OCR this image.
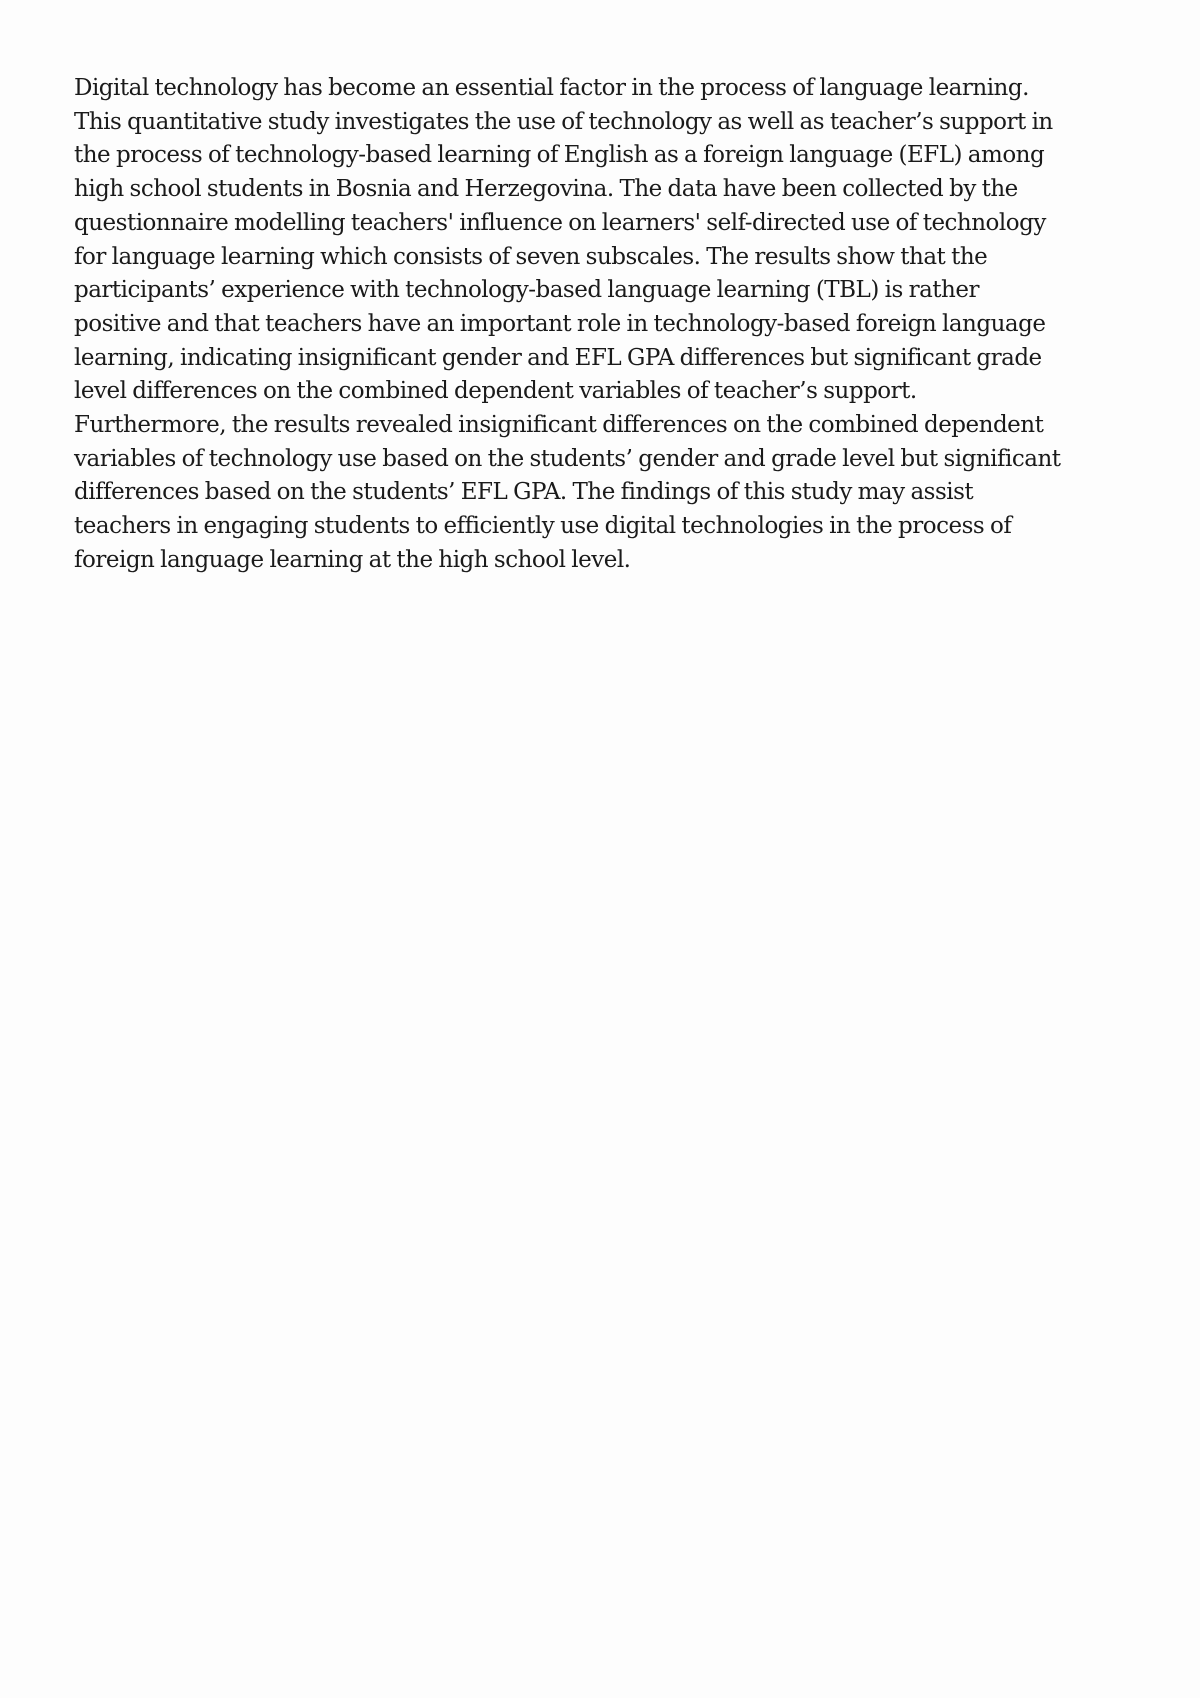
Digital technology has become an essential factor in the process of language learning.
This quantitative study investigates the use of technology as well as teacher’s support in
the process of technology-based learning of English as a foreign language (EFL) among
high school students in Bosnia and Herzegovina. The data have been collected by the
questionnaire modelling teachers' influence on learners' self-directed use of technology
for language learning which consists of seven subscales. The results show that the
participants’ experience with technology-based language learning (TBL) is rather
positive and that teachers have an important role in technology-based foreign language
learning, indicating insignificant gender and EFL GPA differences but significant grade
level differences on the combined dependent variables of teacher’s support.
Furthermore, the results revealed insignificant differences on the combined dependent
variables of technology use based on the students’ gender and grade level but significant
differences based on the students’ EFL GPA. The findings of this study may assist
teachers in engaging students to efficiently use digital technologies in the process of
foreign language learning at the high school level.
